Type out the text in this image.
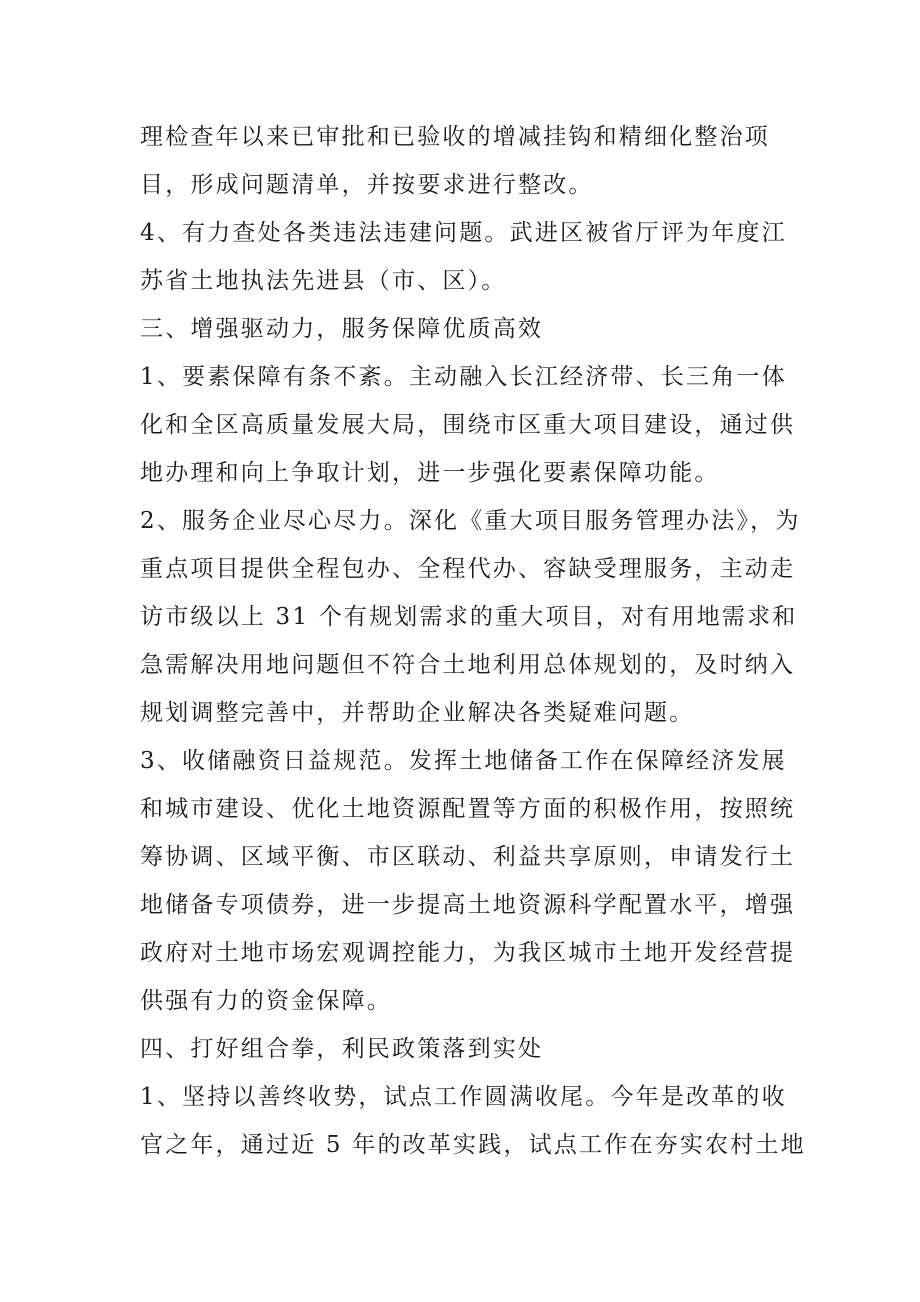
理检查年以来已审批和已验收的增减挂钩和精细化整治项
目，形成问题清单，并按要求进行整改。
4、有力查处各类违法违建问题。武进区被省厅评为年度江
苏省土地执法先进县（市、区）。
三、增强驱动力，服务保障优质高效
1、要素保障有条不紊。主动融入长江经济带、长三角一体
化和全区高质量发展大局，围绕市区重大项目建设，通过供
地办理和向上争取计划，进一步强化要素保障功能。
2、服务企业尽心尽力。深化《重大项目服务管理办法》，为
重点项目提供全程包办、全程代办、容缺受理服务，主动走
访市级以上 31 个有规划需求的重大项目，对有用地需求和
急需解决用地问题但不符合土地利用总体规划的，及时纳入
规划调整完善中，并帮助企业解决各类疑难问题。
3、收储融资日益规范。发挥土地储备工作在保障经济发展
和城市建设、优化土地资源配置等方面的积极作用，按照统
筹协调、区域平衡、市区联动、利益共享原则，申请发行土
地储备专项债券，进一步提高土地资源科学配置水平，增强
政府对土地市场宏观调控能力，为我区城市土地开发经营提
供强有力的资金保障。
四、打好组合拳，利民政策落到实处
1、坚持以善终收势，试点工作圆满收尾。今年是改革的收
官之年，通过近 5 年的改革实践，试点工作在夯实农村土地
